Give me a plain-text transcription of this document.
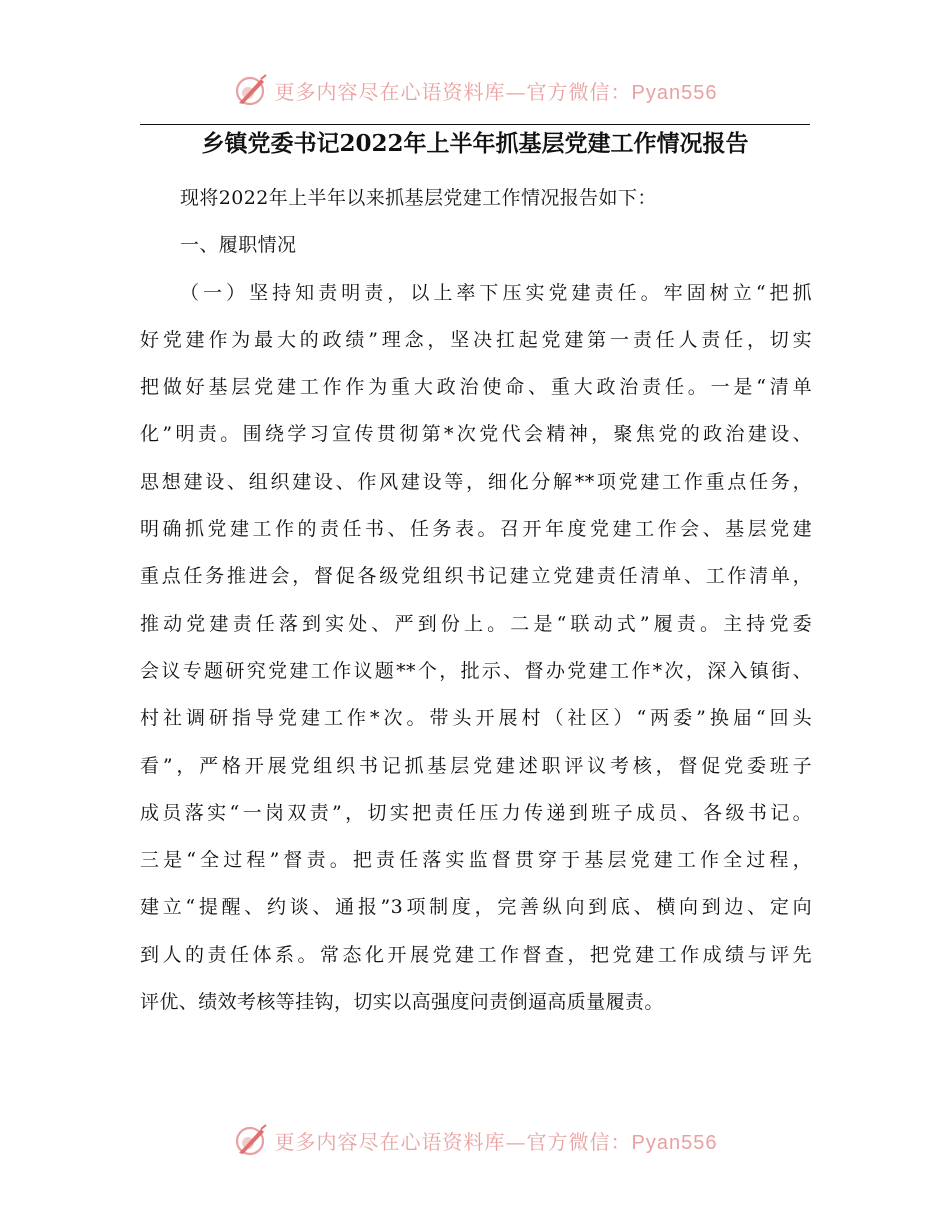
更多内容尽在心语资料库—官方微信：Pyan556
乡镇党委书记2022年上半年抓基层党建工作情况报告
现将2022年上半年以来抓基层党建工作情况报告如下：
一、履职情况
（一）坚持知责明责，以上率下压实党建责任。牢固树立“把抓
好党建作为最大的政绩”理念，坚决扛起党建第一责任人责任，切实
把做好基层党建工作作为重大政治使命、重大政治责任。一是“清单
化”明责。围绕学习宣传贯彻第*次党代会精神，聚焦党的政治建设、
思想建设、组织建设、作风建设等，细化分解**项党建工作重点任务，
明确抓党建工作的责任书、任务表。召开年度党建工作会、基层党建
重点任务推进会，督促各级党组织书记建立党建责任清单、工作清单，
推动党建责任落到实处、严到份上。二是“联动式”履责。主持党委
会议专题研究党建工作议题**个，批示、督办党建工作*次，深入镇街、
村社调研指导党建工作*次。带头开展村（社区）“两委”换届“回头
看”，严格开展党组织书记抓基层党建述职评议考核，督促党委班子
成员落实“一岗双责”，切实把责任压力传递到班子成员、各级书记。
三是“全过程”督责。把责任落实监督贯穿于基层党建工作全过程，
建立“提醒、约谈、通报”3项制度，完善纵向到底、横向到边、定向
到人的责任体系。常态化开展党建工作督查，把党建工作成绩与评先
评优、绩效考核等挂钩，切实以高强度问责倒逼高质量履责。
更多内容尽在心语资料库—官方微信：Pyan556
